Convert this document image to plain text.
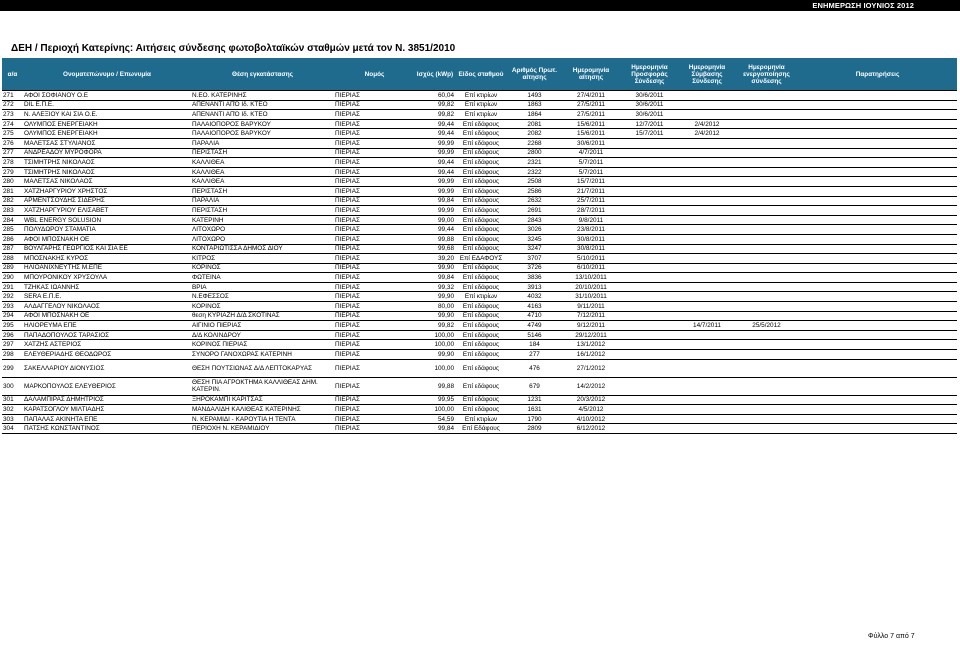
ΕΝΗΜΕΡΩΣΗ ΙΟΥΝΙΟΣ 2012
ΔΕΗ / Περιοχή Κατερίνης: Αιτήσεις σύνδεσης φωτοβολταϊκών σταθμών μετά τον Ν. 3851/2010
α/α	Ονοματεπώνυμο / Επωνυμία	Θέση εγκατάστασης	Νομός	Ισχύς (kWp)	Είδος σταθμού	Αριθμός Πρωτ. αίτησης	Ημερομηνία αίτησης	Ημερομηνία Προσφοράς Σύνδεσης	Ημερομηνία Σύμβασης Σύνδεσης	Ημερομηνία ενεργοποίησης σύνδεσης	Παρατηρήσεις
271	ΑΦΟΙ ΣΟΦΙΑΝΟΥ Ο.Ε	Ν.ΕΟ. ΚΑΤΕΡΙΝΗΣ	ΠΙΕΡΙΑΣ	60,04	Επί κτιρίων	1493	27/4/2011	30/6/2011			
272	DIL E.Π.Ε.	ΑΠΕΝΑΝΤΙ ΑΠΌ Ιδ. ΚΤΕΟ	ΠΙΕΡΙΑΣ	99,82	Επί κτιρίων	1863	27/5/2011	30/6/2011			
273	Ν. ΑΛΕΞΙΟΥ ΚΑΙ ΣΙΑ Ο.Ε.	ΑΠΕΝΑΝΤΙ ΑΠΌ Ιδ. ΚΤΕΟ	ΠΙΕΡΙΑΣ	99,82	Επί κτιρίων	1864	27/5/2011	30/6/2011			
274	ΟΛΥΜΠΟΣ ΕΝΕΡΓΕΙΑΚΗ	ΠΑΛΑΙΟΠΟΡΟΣ ΒΑΡΥΚΟΥ	ΠΙΕΡΙΑΣ	99,44	Επί εδάφους	2081	15/6/2011	12/7/2011	2/4/2012		
275	ΟΛΥΜΠΟΣ ΕΝΕΡΓΕΙΑΚΗ	ΠΑΛΑΙΟΠΟΡΟΣ ΒΑΡΥΚΟΥ	ΠΙΕΡΙΑΣ	99,44	Επί εδάφους	2082	15/6/2011	15/7/2011	2/4/2012		
276	ΜΑΛΕΤΣΑΣ ΣΤΥΛΙΑΝΟΣ	ΠΑΡΑΛΙΑ	ΠΙΕΡΙΑΣ	99,99	Επί εδάφους	2268	30/6/2011				
277	ΑΝΔΡΕΑΔΟΥ ΜΥΡΟΦΟΡΑ	ΠΕΡΙΣΤΑΣΗ	ΠΙΕΡΙΑΣ	99,99	Επί εδάφους	2800	4/7/2011				
278	ΤΣΙΜΗΤΡΗΣ ΝΙΚΟΛΑΟΣ	ΚΑΛΛΙΘΕΑ	ΠΙΕΡΙΑΣ	99,44	Επί εδάφους	2321	5/7/2011				
279	ΤΣΙΜΗΤΡΗΣ ΝΙΚΟΛΑΟΣ	ΚΑΛΛΙΘΕΑ	ΠΙΕΡΙΑΣ	99,44	Επί εδάφους	2322	5/7/2011				
280	ΜΑΛΕΤΣΑΣ ΝΙΚΟΛΑΟΣ	ΚΑΛΛΙΘΕΑ	ΠΙΕΡΙΑΣ	99,99	Επί εδάφους	2508	15/7/2011				
281	ΧΑΤΖΗΑΡΓΥΡΙΟΥ ΧΡΗΣΤΟΣ	ΠΕΡΙΣΤΑΣΗ	ΠΙΕΡΙΑΣ	99,99	Επί εδάφους	2586	21/7/2011				
282	ΑΡΜΕΝΤΣΟΥΔΗΣ ΣΙΔΕΡΗΣ	ΠΑΡΑΛΙΑ	ΠΙΕΡΙΑΣ	99,84	Επί εδάφους	2632	25/7/2011				
283	ΧΑΤΖΗΑΡΓΥΡΙΟΥ ΕΛΙΣΑΒΕΤ	ΠΕΡΙΣΤΑΣΗ	ΠΙΕΡΙΑΣ	99,99	Επί εδάφους	2691	28/7/2011				
284	WBL ENERGY SOLUSION	ΚΑΤΕΡΙΝΗ	ΠΙΕΡΙΑΣ	99,00	Επί εδάφους	2843	9/8/2011				
285	ΠΟΛΥΔΩΡΟΥ ΣΤΑΜΑΤΙΑ	ΛΙΤΟΧΩΡΟ	ΠΙΕΡΙΑΣ	99,44	Επί εδάφους	3026	23/8/2011				
286	ΑΦΟΙ ΜΠΟΣΝΑΚΗ ΟΕ	ΛΙΤΟΧΩΡΟ	ΠΙΕΡΙΑΣ	99,88	Επί εδάφους	3245	30/8/2011				
287	ΒΟΥΛΓΑΡΗΣ ΓΕΩΡΓΙΟΣ ΚΑΙ ΣΙΑ ΕΕ	ΚΟΝΤΑΡΙΩΤΙΣΣΑ ΔΗΜΟΣ ΔΙΟΥ	ΠΙΕΡΙΑΣ	99,68	Επί εδάφους	3247	30/8/2011				
288	ΜΠΟΣΝΑΚΗΣ ΚΥΡΟΣ	ΚΙΤΡΟΣ	ΠΙΕΡΙΑΣ	39,20	Επί ΕΔΑΦΟΥΣ	3707	5/10/2011				
289	ΗΛΙΟΑΝΙΧΝΕΥΤΗΣ Μ.ΕΠΕ	ΚΟΡΙΝΟΣ	ΠΙΕΡΙΑΣ	99,90	Επί εδάφους	3726	6/10/2011				
290	ΜΠΟΥΡΟΝΙΚΟΥ ΧΡΥΣΟΥΛΑ	ΦΩΤΕΙΝΑ	ΠΙΕΡΙΑΣ	99,84	Επί εδάφους	3836	13/10/2011				
291	ΤΖΗΚΑΣ ΙΩΑΝΝΗΣ	ΒΡΙΑ	ΠΙΕΡΙΑΣ	99,32	Επί εδάφους	3913	20/10/2011				
292	SERA Ε.Π.Ε.	Ν.ΕΦΕΣΣΟΣ	ΠΙΕΡΙΑΣ	99,90	Επί κτιρίων	4032	31/10/2011				
293	ΑΛΔΑΓΓΕΛΟΥ ΝΙΚΟΛΑΟΣ	ΚΟΡΙΝΟΣ	ΠΙΕΡΙΑΣ	80,00	Επί εδάφους	4163	9/11/2011				
294	ΑΦΟΙ ΜΠΟΣΝΑΚΗ ΟΕ	θεση ΚΥΡΙΑΖΗ Δ/Δ ΣΚΟΤΙΝΑΣ	ΠΙΕΡΙΑΣ	99,90	Επί εδάφους	4710	7/12/2011				
295	ΗΛΙΟΡΕΥΜΑ ΕΠΕ	ΑΙΓΙΝΙΟ ΠΙΕΡΙΑΣ	ΠΙΕΡΙΑΣ	99,82	Επί εδάφους	4749	9/12/2011		14/7/2011	25/5/2012	
296	ΠΑΠΑΔΟΠΟΥΛΟΣ ΤΑΡΑΣΙΟΣ	Δ/Δ ΚΟΛΙΝΔΡΟΥ	ΠΙΕΡΙΑΣ	100,00	Επί εδάφους	5146	29/12/2011				
297	ΧΑΤΖΗΣ ΑΣΤΕΡΙΟΣ	ΚΟΡΙΝΟΣ ΠΙΕΡΙΑΣ	ΠΙΕΡΙΑΣ	100,00	Επί εδάφους	184	13/1/2012				
298	ΕΛΕΥΘΕΡΙΑΔΗΣ ΘΕΟΔΩΡΟΣ	ΣΥΝΟΡΟ ΓΑΝΟΧΩΡΑΣ ΚΑΤΕΡΙΝΗ	ΠΙΕΡΙΑΣ	99,90	Επί εδάφους	277	16/1/2012				
299	ΣΑΚΕΛΛΑΡΙΟΥ ΔΙΟΝΥΣΙΟΣ	ΘΕΣΗ ΠΟΥΤΣΙΩΝΑΣ Δ/Δ ΛΕΠΤΟΚΑΡΥΑΣ	ΠΙΕΡΙΑΣ	100,00	Επί εδάφους	476	27/1/2012				
300	ΜΑΡΚΟΠΟΥΛΟΣ ΕΛΕΥΘΕΡΙΟΣ	ΘΕΣΗ ΠΙΑ ΑΓΡΟΚΤΗΜΑ ΚΑΛΛΙΘΕΑΣ ΔΗΜ. ΚΑΤΕΡΙΝ.	ΠΙΕΡΙΑΣ	99,88	Επί εδάφους	679	14/2/2012				
301	ΔΑΛΑΜΠΙΡΑΣ ΔΗΜΗΤΡΙΟΣ	ΞΗΡΟΚΑΜΠΙ ΚΑΡΙΤΣΑΣ	ΠΙΕΡΙΑΣ	99,95	Επί εδάφους	1231	20/3/2012				
302	ΚΑΡΑΤΣΟΓΛΟΥ ΜΙΛΤΙΑΔΗΣ	ΜΑΝΔΑΛΙΔΗ ΚΑΛΙΘΕΑΣ ΚΑΤΕΡΙΝΗΣ	ΠΙΕΡΙΑΣ	100,00	Επί εδάφους	1631	4/5/2012				
303	ΠΑΠΑΛΑΣ ΑΚΙΝΗΤΑ ΕΠΕ	Ν. ΚΕΡΑΜΙΔΙ - ΚΑΡΟΥΤΙΑ Η ΤΕΝΤΑ	ΠΙΕΡΙΑΣ	54,59	Επί κτιρίων	1790	4/10/2012				
304	ΠΑΤΣΗΣ ΚΩΝΣΤΑΝΤΙΝΟΣ	ΠΕΡΙΟΧΗ Ν. ΚΕΡΑΜΙΔΙΟΥ	ΠΙΕΡΙΑΣ	99,84	Επί Εδάφους	2809	6/12/2012				
Φύλλο 7 από 7
